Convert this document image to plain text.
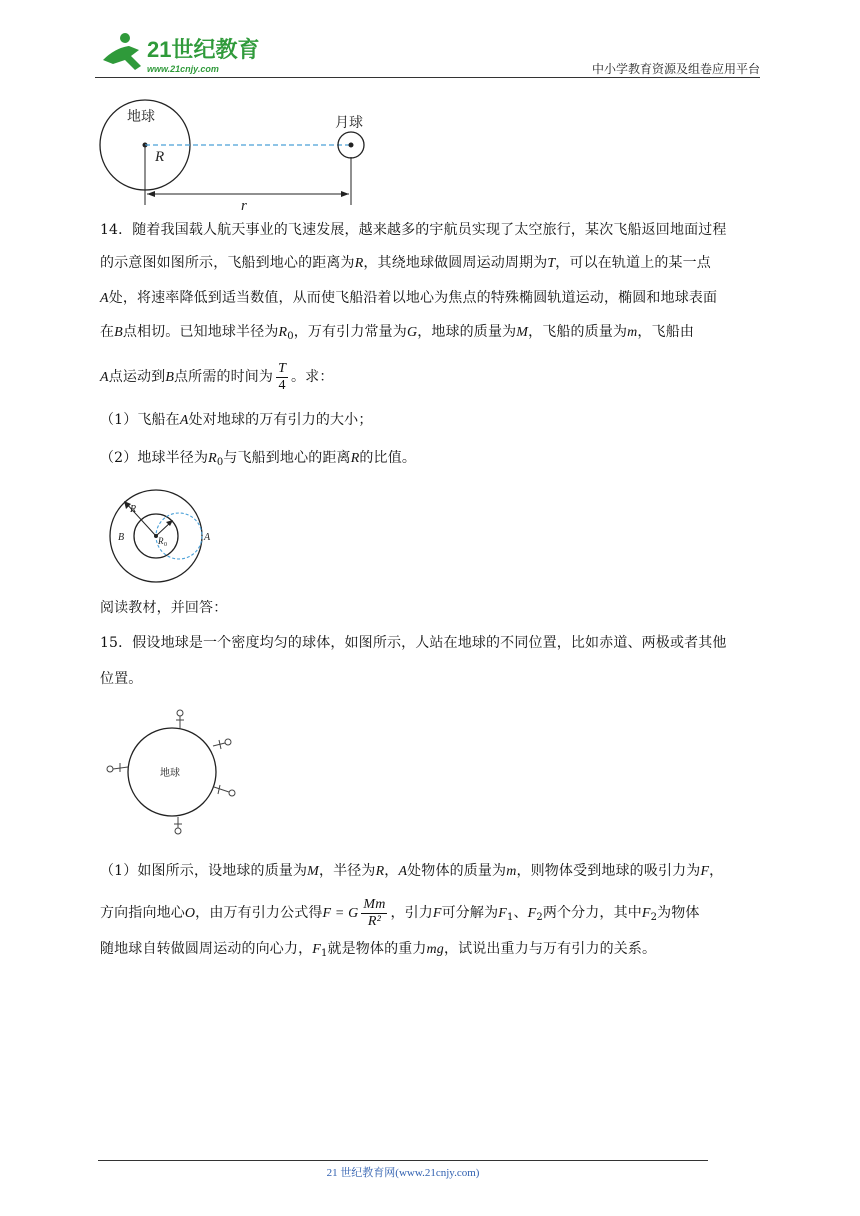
21世纪教育
www.21cnjy.com	中小学教育资源及组卷应用平台
地球	月球
R
r
14．随着我国载人航天事业的飞速发展，越来越多的宇航员实现了太空旅行，某次飞船返回地面过程
的示意图如图所示，飞船到地心的距离为R，其绕地球做圆周运动周期为T，可以在轨道上的某一点
A处，将速率降低到适当数值，从而使飞船沿着以地心为焦点的特殊椭圆轨道运动，椭圆和地球表面
在B点相切。已知地球半径为$R_0$，万有引力常量为G，地球的质量为M，飞船的质量为m，飞船由
A点运动到B点所需的时间为 $\frac{T}{4}$ 。求：
（1）飞船在A处对地球的万有引力的大小；
（2）地球半径为$R_0$与飞船到地心的距离R的比值。
R
B	A
R 0
阅读教材，并回答：
15．假设地球是一个密度均匀的球体，如图所示，人站在地球的不同位置，比如赤道、两极或者其他
位置。
地球
（1）如图所示，设地球的质量为M，半径为R，A处物体的质量为m，则物体受到地球的吸引力为F，
方向指向地心O，由万有引力公式得F = G $\frac{Mm}{\text{R²}}$ ，引力F可分解为$F_1$、$F_2$两个分力，其中$F_2$为物体
随地球自转做圆周运动的向心力，$F_1$就是物体的重力mg，试说出重力与万有引力的关系。
21 世纪教育网(www.21cnjy.com)
